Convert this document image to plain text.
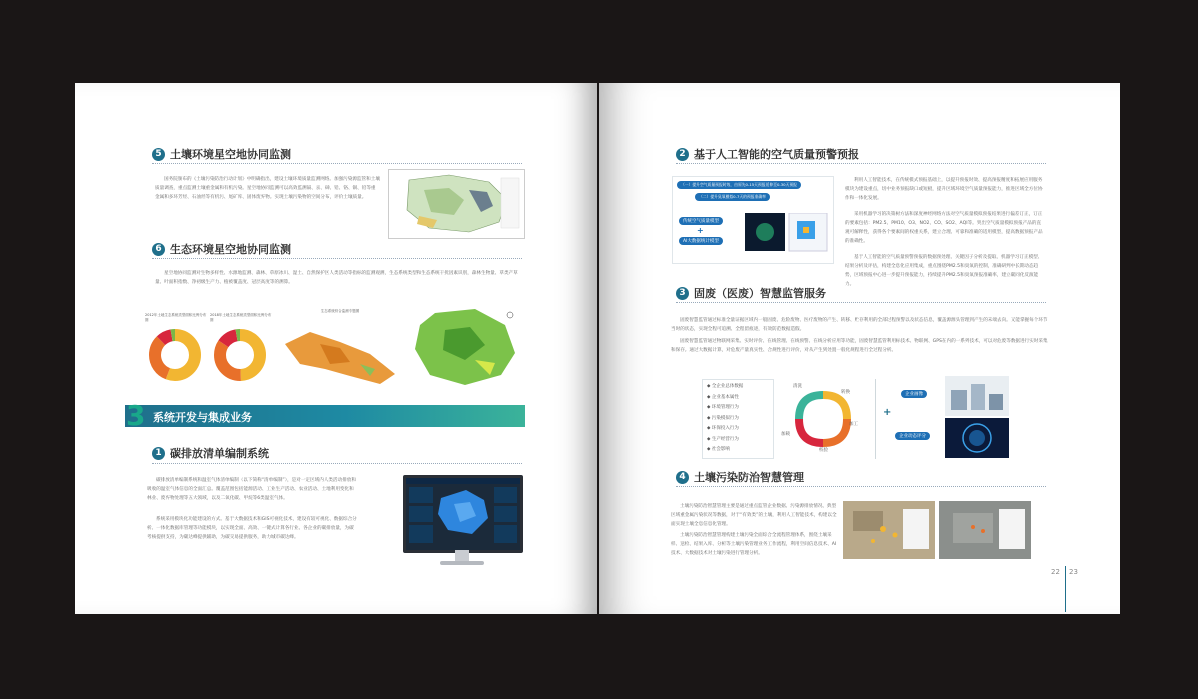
5 土壤环境星空地协同监测
国务院颁布的《土壤污染防治行动计划》中明确指出，建设土壤环境质量监测网络。加强污染源监管和土壤质量调查，重点监测土壤重金属和有机污染。星空地协同监测可以高效监测镉、汞、砷、铅、铬、铜、铅等重金属和多环芳烃、石油烃等有机污、尾矿库、固体废弃物。实现土壤污染物的空间分布，评价土壤质量。
6 生态环境星空地协同监测
星空地协同监测对生物多样性、水源地监测、森林、草原冰川、湿土、自然保护区人类活动等指标的监测观测，生态系统类型和生态系统干扰因素识别，森林生物量、草类产草量、叶面积指数、净初级生产力、植被覆盖度、冠层高度等的测算。
2012年土地生态系统类型面积比例分布图
2018年土地生态系统类型面积比例分布图
生态系统综合监测专题图
系统开发与集成业务
3
1 碳排放清单编制系统
碳排放清单编制系统和温室气体清单编制（以下简称“清单编制”），是对一定区域内人类活动排放和吸收的温室气体信息的全面汇总。覆盖范围包括能源活动、工业生产活动、农业活动、土地利用变化和林业、废弃物处理等五大领域，以及二氧化碳、甲烷等6类温室气体。
系统采用模块化功能建设的方式。基于大数据技术和GIS可视化技术，建设有较可视化、数据综合分析、一体化数据库管理等功能模块，以实现全面、高效、一键式计算各行业、各企业的碳排放量，为碳考核提供支持，为碳达峰提供辅助，为碳交易提供服务，助力城市碳达峰。
2 基于人工智能的空气质量预警预报
（一）提升空气质量预报时效，由原先0-15天预报延伸至0-30天预报
（二）提升臭氧模拟0-7天的预报准确率
传统空气质量模型
+
AI大数据统计模型
利用人工智能技术，在传统模式预报基础上，以提升预报时效、提高预报精度和拓展应用服务模块为建设重点，切中业务预报缺口或短板，提升区域环境空气质量预报能力，推进区域全方位协作和一体化发展。
采用机器学习的决策树方法和深度神经网络方法对空气质量模拟预报结果进行偏差订正，订正的要素包括：PM2.5、PM10、O3、NO2、CO、SO2、AQI等。突出空气质量模拟预报产品的直观可解释性，获得各个要素间的权重关系，建立合理、可靠和准确的适用模型，提高数据预报产品的准确性。
基于人工智能的空气质量预警预报的数据预处理、关键因子分析及提取、机器学习订正模型、结果分析及评估，构建全息化应用集成，重点围绕PM2.5和臭氧的控制，准确研判中长期动态趋势，区域预报中心进一步提升预报能力，持续提升PM2.5和臭氧预报准确率，建立碳同化反演能力。
3 固废（医废）智慧监管服务
固废智慧监管通过标准全量证据区域内一般固废、危险废物、医疗废物的产生、转移、贮存利用的全部过程预警以及状态信息，覆盖源源头管理到产生的末端去向。又能掌握每个环节当时的状态，实现全程可追溯、全程留痕迹，有效防范数据造假。
固废智慧监管通过物联网采集、实时评价、在线管理、在线预警、在线分析应用等功能，固废智慧监管利用标技术、物联网、GPS在内的一系列技术，可以对危废等数据进行实时采集和保存。通过大数据计算，对危废产量真实性、合规性进行评价，对从产生到处置一般化规程进行全过程分析。
◆ 全企业总体数据
◆ 企业基本属性
◆ 环境管理行为
◆ 污染模拟行为
◆ 环保投入行为
◆ 生产经营行为
◆ 社会影响
清洗
转换
加工
加载
校验
+
企业画像
企业动态评分
4 土壤污染防治智慧管理
土壤污染防治智慧管理主要是通过重点监管企业数据、污染源排放情况、典型区域重金属污染状况等数据，对于“有效类”的土壤，利用人工智能技术，构建以全面实现土壤全息信息化管理。
土壤污染防治智慧管理构建土壤污染全面综合全流程管理体系，围绕土壤采样、送检、结果入库、分析等土壤污染管理业务工作流程，利用空间信息技术、AI技术、大数据技术对土壤污染进行管理分析。
22 23
